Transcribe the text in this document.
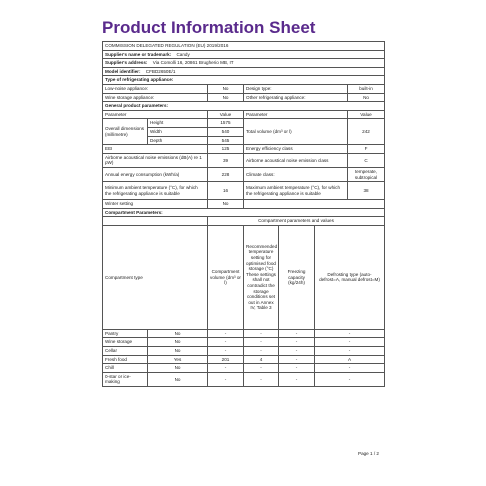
Product Information Sheet
COMMISSION DELEGATED REGULATION (EU) 2019/2016						
Supplier's name or trademark: Candy						
Supplier's address: Via Comolli 16, 20861 Brugherio MB, IT						
Model identifier: CFBD2650E/1						
Type of refrigerating appliance:						
Low-noise appliance:		No	Design type:			built-in
Wine storage appliance:		No	Other refrigerating appliance:			No
General product parameters:						
Parameter		Value	Parameter			Value
Overall dimensions (millimetre)	Height	1575	Total volume (dm³ or l)			242
	Width	540				
	Depth	545				
EEI		125	Energy efficiency class			F
Airborne acoustical noise emissions (dB(A) re 1 pW)		39	Airborne acoustical noise emission class			C
Annual energy consumption (kWh/a)		228	Climate class:			temperate, subtropical
Minimum ambient temperature (°C), for which the refrigerating appliance is suitable		16	Maximum ambient temperature (°C), for which the refrigerating appliance is suitable			38
Winter setting		No				
Compartment Parameters:						
		Compartment parameters and values				
Compartment type		Compartment volume (dm³ or l)	Recommended temperature setting for optimised food storage (°C) These settings shall not contradict the storage conditions set out in Annex IV, Table 3	Freezing capacity (kg/24h)	Defrosting type (auto-defrost=A, manual defrost=M)	
Pantry	No	-	-	-	-
Wine storage	No	-	-	-	-
Cellar	No	-	-	-	-
Fresh food	Yes	201	4	-	A
Chill	No	-	-	-	-
0-star or ice-making	No	-	-	-	-
Page 1 / 2
